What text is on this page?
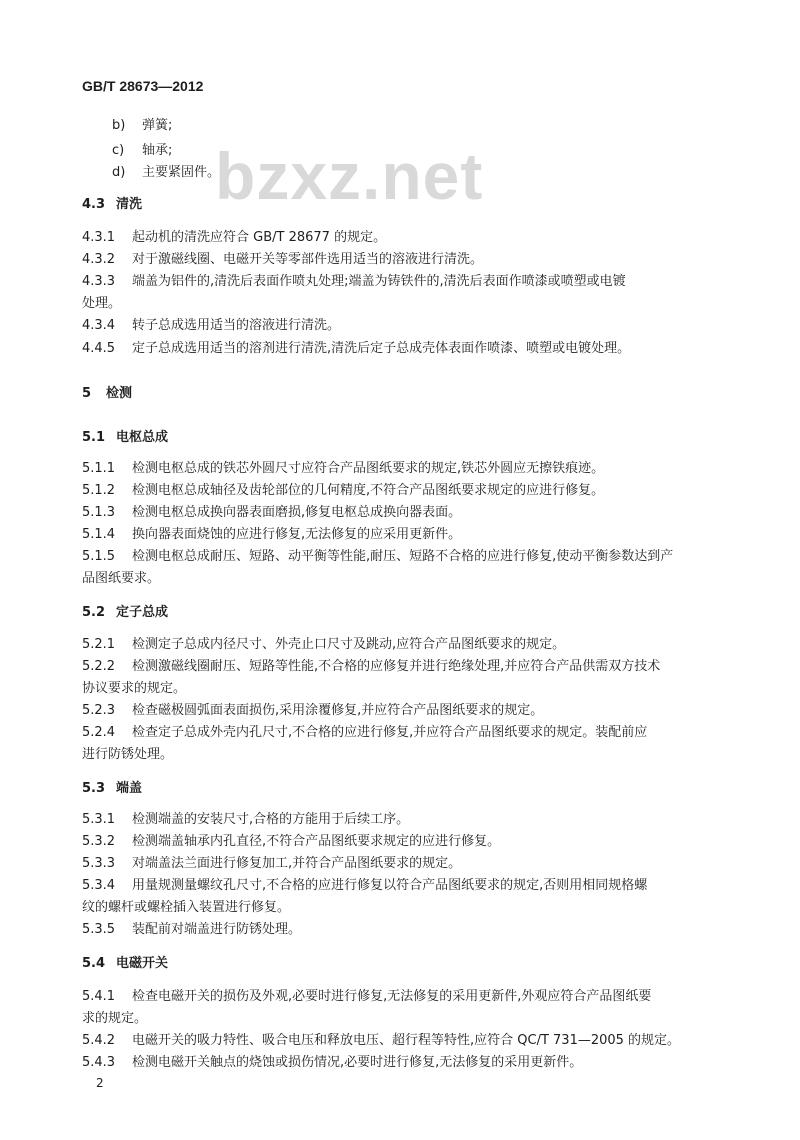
GB/T 28673—2012
bzxz.net
b) 弹簧;
c) 轴承;
d) 主要紧固件。
4.3 清洗
4.3.1 起动机的清洗应符合 GB/T 28677 的规定。
4.3.2 对于激磁线圈、电磁开关等零部件选用适当的溶液进行清洗。
4.3.3 端盖为铝件的,清洗后表面作喷丸处理;端盖为铸铁件的,清洗后表面作喷漆或喷塑或电镀
处理。
4.3.4 转子总成选用适当的溶液进行清洗。
4.4.5 定子总成选用适当的溶剂进行清洗,清洗后定子总成壳体表面作喷漆、喷塑或电镀处理。
5 检测
5.1 电枢总成
5.1.1 检测电枢总成的铁芯外圆尺寸应符合产品图纸要求的规定,铁芯外圆应无擦铁痕迹。
5.1.2 检测电枢总成轴径及齿轮部位的几何精度,不符合产品图纸要求规定的应进行修复。
5.1.3 检测电枢总成换向器表面磨损,修复电枢总成换向器表面。
5.1.4 换向器表面烧蚀的应进行修复,无法修复的应采用更新件。
5.1.5 检测电枢总成耐压、短路、动平衡等性能,耐压、短路不合格的应进行修复,使动平衡参数达到产
品图纸要求。
5.2 定子总成
5.2.1 检测定子总成内径尺寸、外壳止口尺寸及跳动,应符合产品图纸要求的规定。
5.2.2 检测激磁线圈耐压、短路等性能,不合格的应修复并进行绝缘处理,并应符合产品供需双方技术
协议要求的规定。
5.2.3 检查磁极圆弧面表面损伤,采用涂覆修复,并应符合产品图纸要求的规定。
5.2.4 检查定子总成外壳内孔尺寸,不合格的应进行修复,并应符合产品图纸要求的规定。装配前应
进行防锈处理。
5.3 端盖
5.3.1 检测端盖的安装尺寸,合格的方能用于后续工序。
5.3.2 检测端盖轴承内孔直径,不符合产品图纸要求规定的应进行修复。
5.3.3 对端盖法兰面进行修复加工,并符合产品图纸要求的规定。
5.3.4 用量规测量螺纹孔尺寸,不合格的应进行修复以符合产品图纸要求的规定,否则用相同规格螺
纹的螺杆或螺栓插入装置进行修复。
5.3.5 装配前对端盖进行防锈处理。
5.4 电磁开关
5.4.1 检查电磁开关的损伤及外观,必要时进行修复,无法修复的采用更新件,外观应符合产品图纸要
求的规定。
5.4.2 电磁开关的吸力特性、吸合电压和释放电压、超行程等特性,应符合 QC/T 731—2005 的规定。
5.4.3 检测电磁开关触点的烧蚀或损伤情况,必要时进行修复,无法修复的采用更新件。
2
